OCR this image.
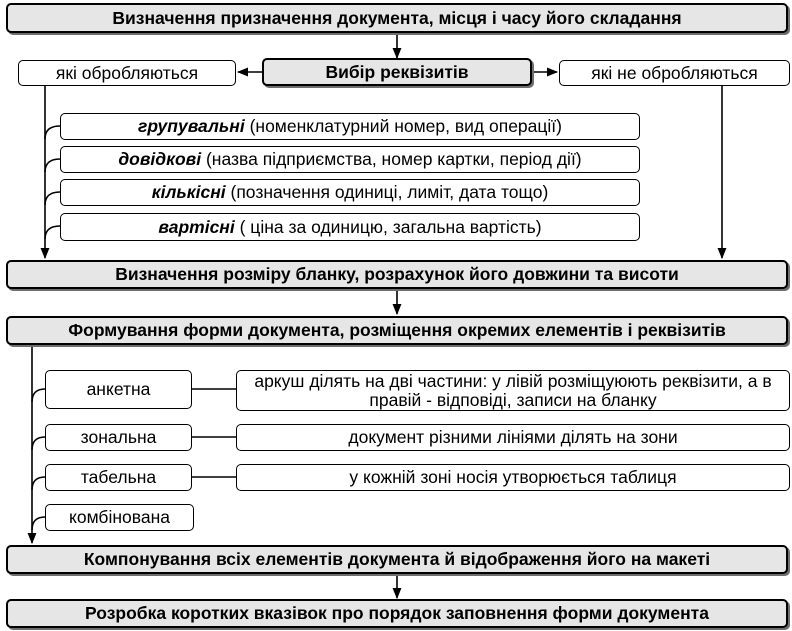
Визначення призначення документа, місця і часу його складання
Вибір реквізитів
які обробляються	які не обробляються
групувальні (номенклатурний номер, вид операції)
довідкові (назва підприємства, номер картки, період дії)
кількісні (позначення одиниці, лиміт, дата тощо)
вартісні ( ціна за одиницю, загальна вартість)
Визначення розміру бланку, розрахунок його довжини та висоти
Формування форми документа, розміщення окремих елементів і реквізитів
анкетна	аркуш ділять на дві частини: у лівій розміщуюють реквізити, а в правій - відповіді, записи на бланку
зональна	документ різними лініями ділять на зони
табельна	у кожній зоні носія утворюється таблиця
комбінована
Компонування всіх елементів документа й відображення його на макеті
Розробка коротких вказівок про порядок заповнення форми документа
